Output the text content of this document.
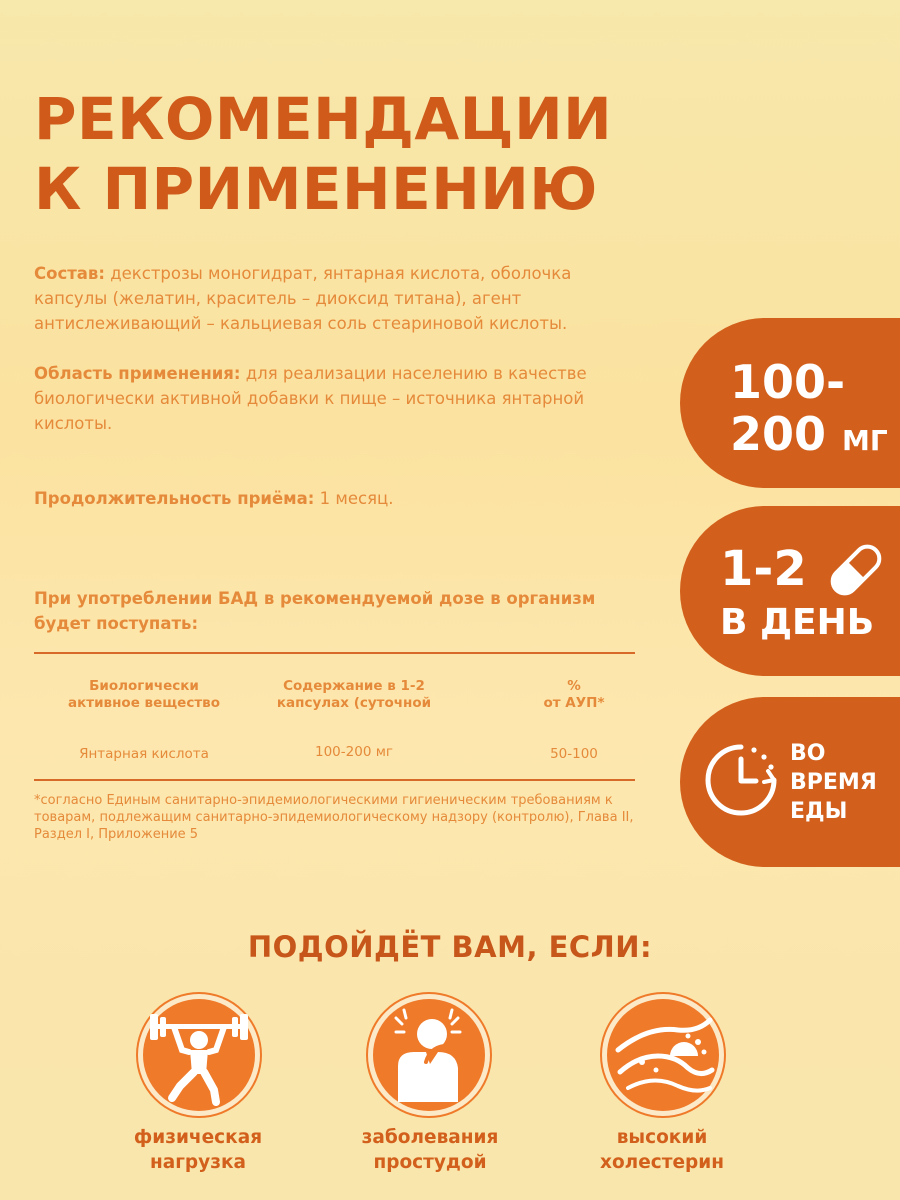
РЕКОМЕНДАЦИИ
К ПРИМЕНЕНИЮ
Состав: декстрозы моногидрат, янтарная кислота, оболочка капсулы (желатин, краситель – диоксид титана), агент антислеживающий – кальциевая соль стеариновой кислоты.
Область применения: для реализации населению в качестве биологически активной добавки к пище – источника янтарной кислоты.
Продолжительность приёма: 1 месяц.
При употреблении БАД в рекомендуемой дозе в организм будет поступать:
Биологически
активное вещество
Содержание в 1-2
капсулах (суточной
%
от АУП*
Янтарная кислота	100-200 мг	50-100
*согласно Единым санитарно-эпидемиологическими гигиеническим требованиям к товарам, подлежащим санитарно-эпидемиологическому надзору (контролю), Глава II, Раздел I, Приложение 5
100-
200 МГ
1-2
В ДЕНЬ
ВО
ВРЕМЯ
ЕДЫ
ПОДОЙДЁТ ВАМ, ЕСЛИ:
физическая
нагрузка
заболевания
простудой
высокий
холестерин
